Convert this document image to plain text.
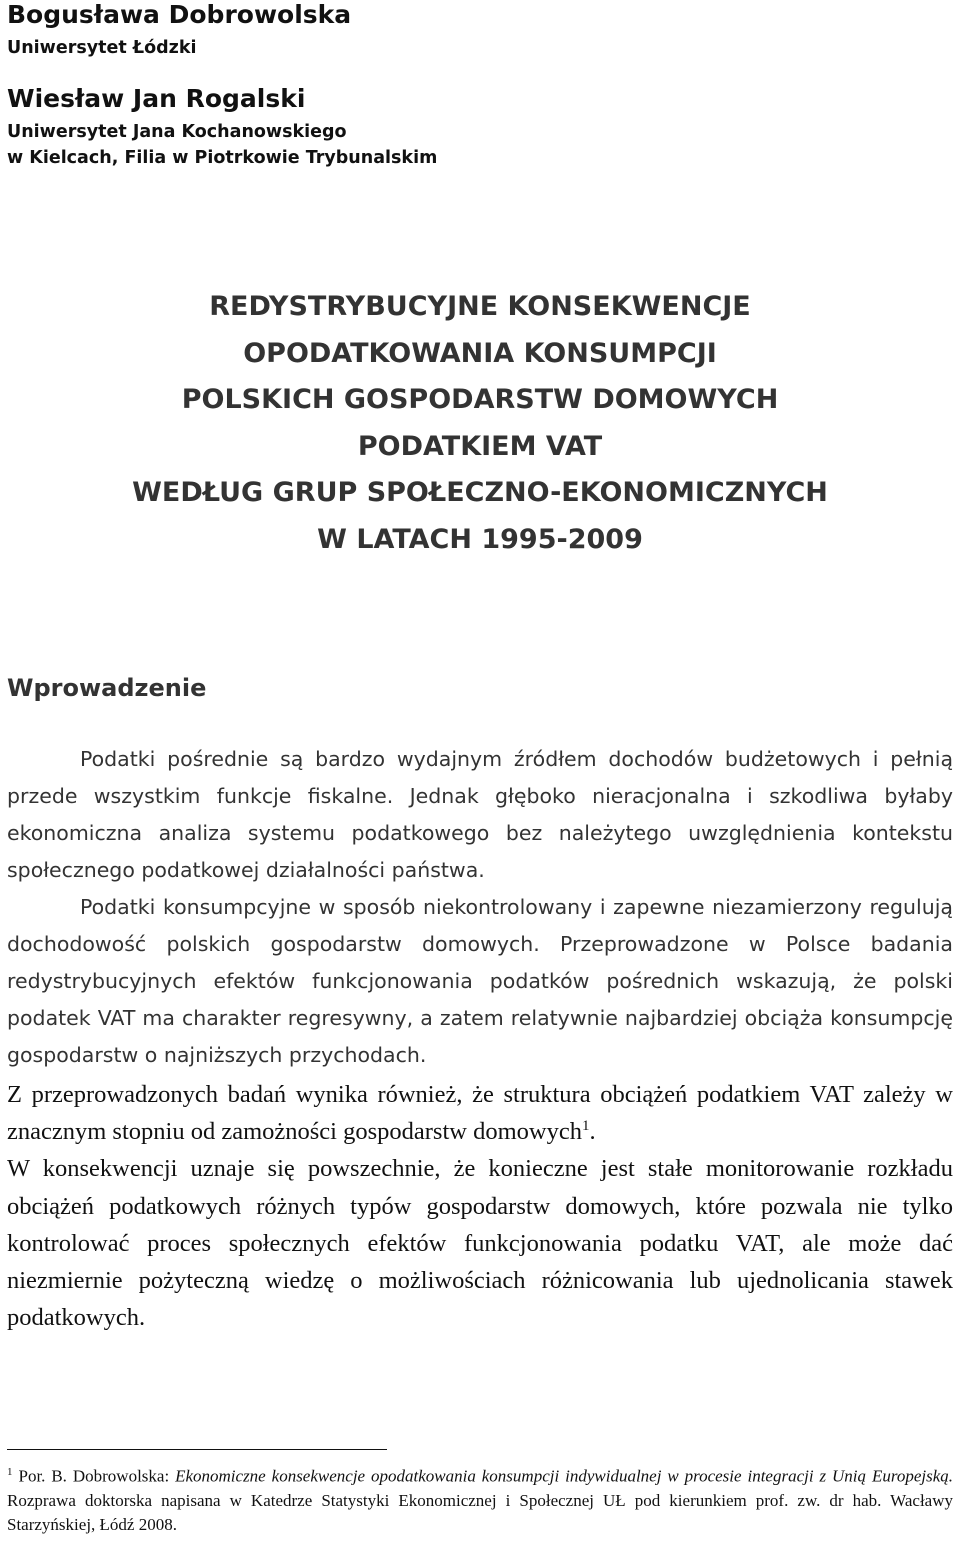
Bogusława Dobrowolska
Uniwersytet Łódzki
Wiesław Jan Rogalski
Uniwersytet Jana Kochanowskiego
w Kielcach, Filia w Piotrkowie Trybunalskim
REDYSTRYBUCYJNE KONSEKWENCJE
OPODATKOWANIA KONSUMPCJI
POLSKICH GOSPODARSTW DOMOWYCH
PODATKIEM VAT
WEDŁUG GRUP SPOŁECZNO-EKONOMICZNYCH
W LATACH 1995-2009
Wprowadzenie

Podatki pośrednie są bardzo wydajnym źródłem dochodów budżetowych i pełnią przede wszystkim funkcje fiskalne. Jednak głęboko nieracjonalna i szkodliwa byłaby ekonomiczna analiza systemu podatkowego bez należytego uwzględnienia kontekstu społecznego podatkowej działalności państwa.

Podatki konsumpcyjne w sposób niekontrolowany i zapewne niezamierzony regulują dochodowość polskich gospodarstw domowych. Przeprowadzone w Polsce badania redystrybucyjnych efektów funkcjonowania podatków pośrednich wskazują, że polski podatek VAT ma charakter regresywny, a zatem relatywnie najbardziej obciąża konsumpcję gospodarstw o najniższych przychodach.

Z przeprowadzonych badań wynika również, że struktura obciążeń podatkiem VAT zależy w znacznym stopniu od zamożności gospodarstw domowych$^1$.

W konsekwencji uznaje się powszechnie, że konieczne jest stałe monitorowanie rozkładu obciążeń podatkowych różnych typów gospodarstw domowych, które pozwala nie tylko kontrolować proces społecznych efektów funkcjonowania podatku VAT, ale może dać niezmiernie pożyteczną wiedzę o możliwościach różnicowania lub ujednolicania stawek podatkowych.

$^1$ Por. B. Dobrowolska: Ekonomiczne konsekwencje opodatkowania konsumpcji indywidualnej w procesie integracji z Unią Europejską. Rozprawa doktorska napisana w Katedrze Statystyki Ekonomicznej i Społecznej UŁ pod kierunkiem prof. zw. dr hab. Wacławy Starzyńskiej, Łódź 2008.
